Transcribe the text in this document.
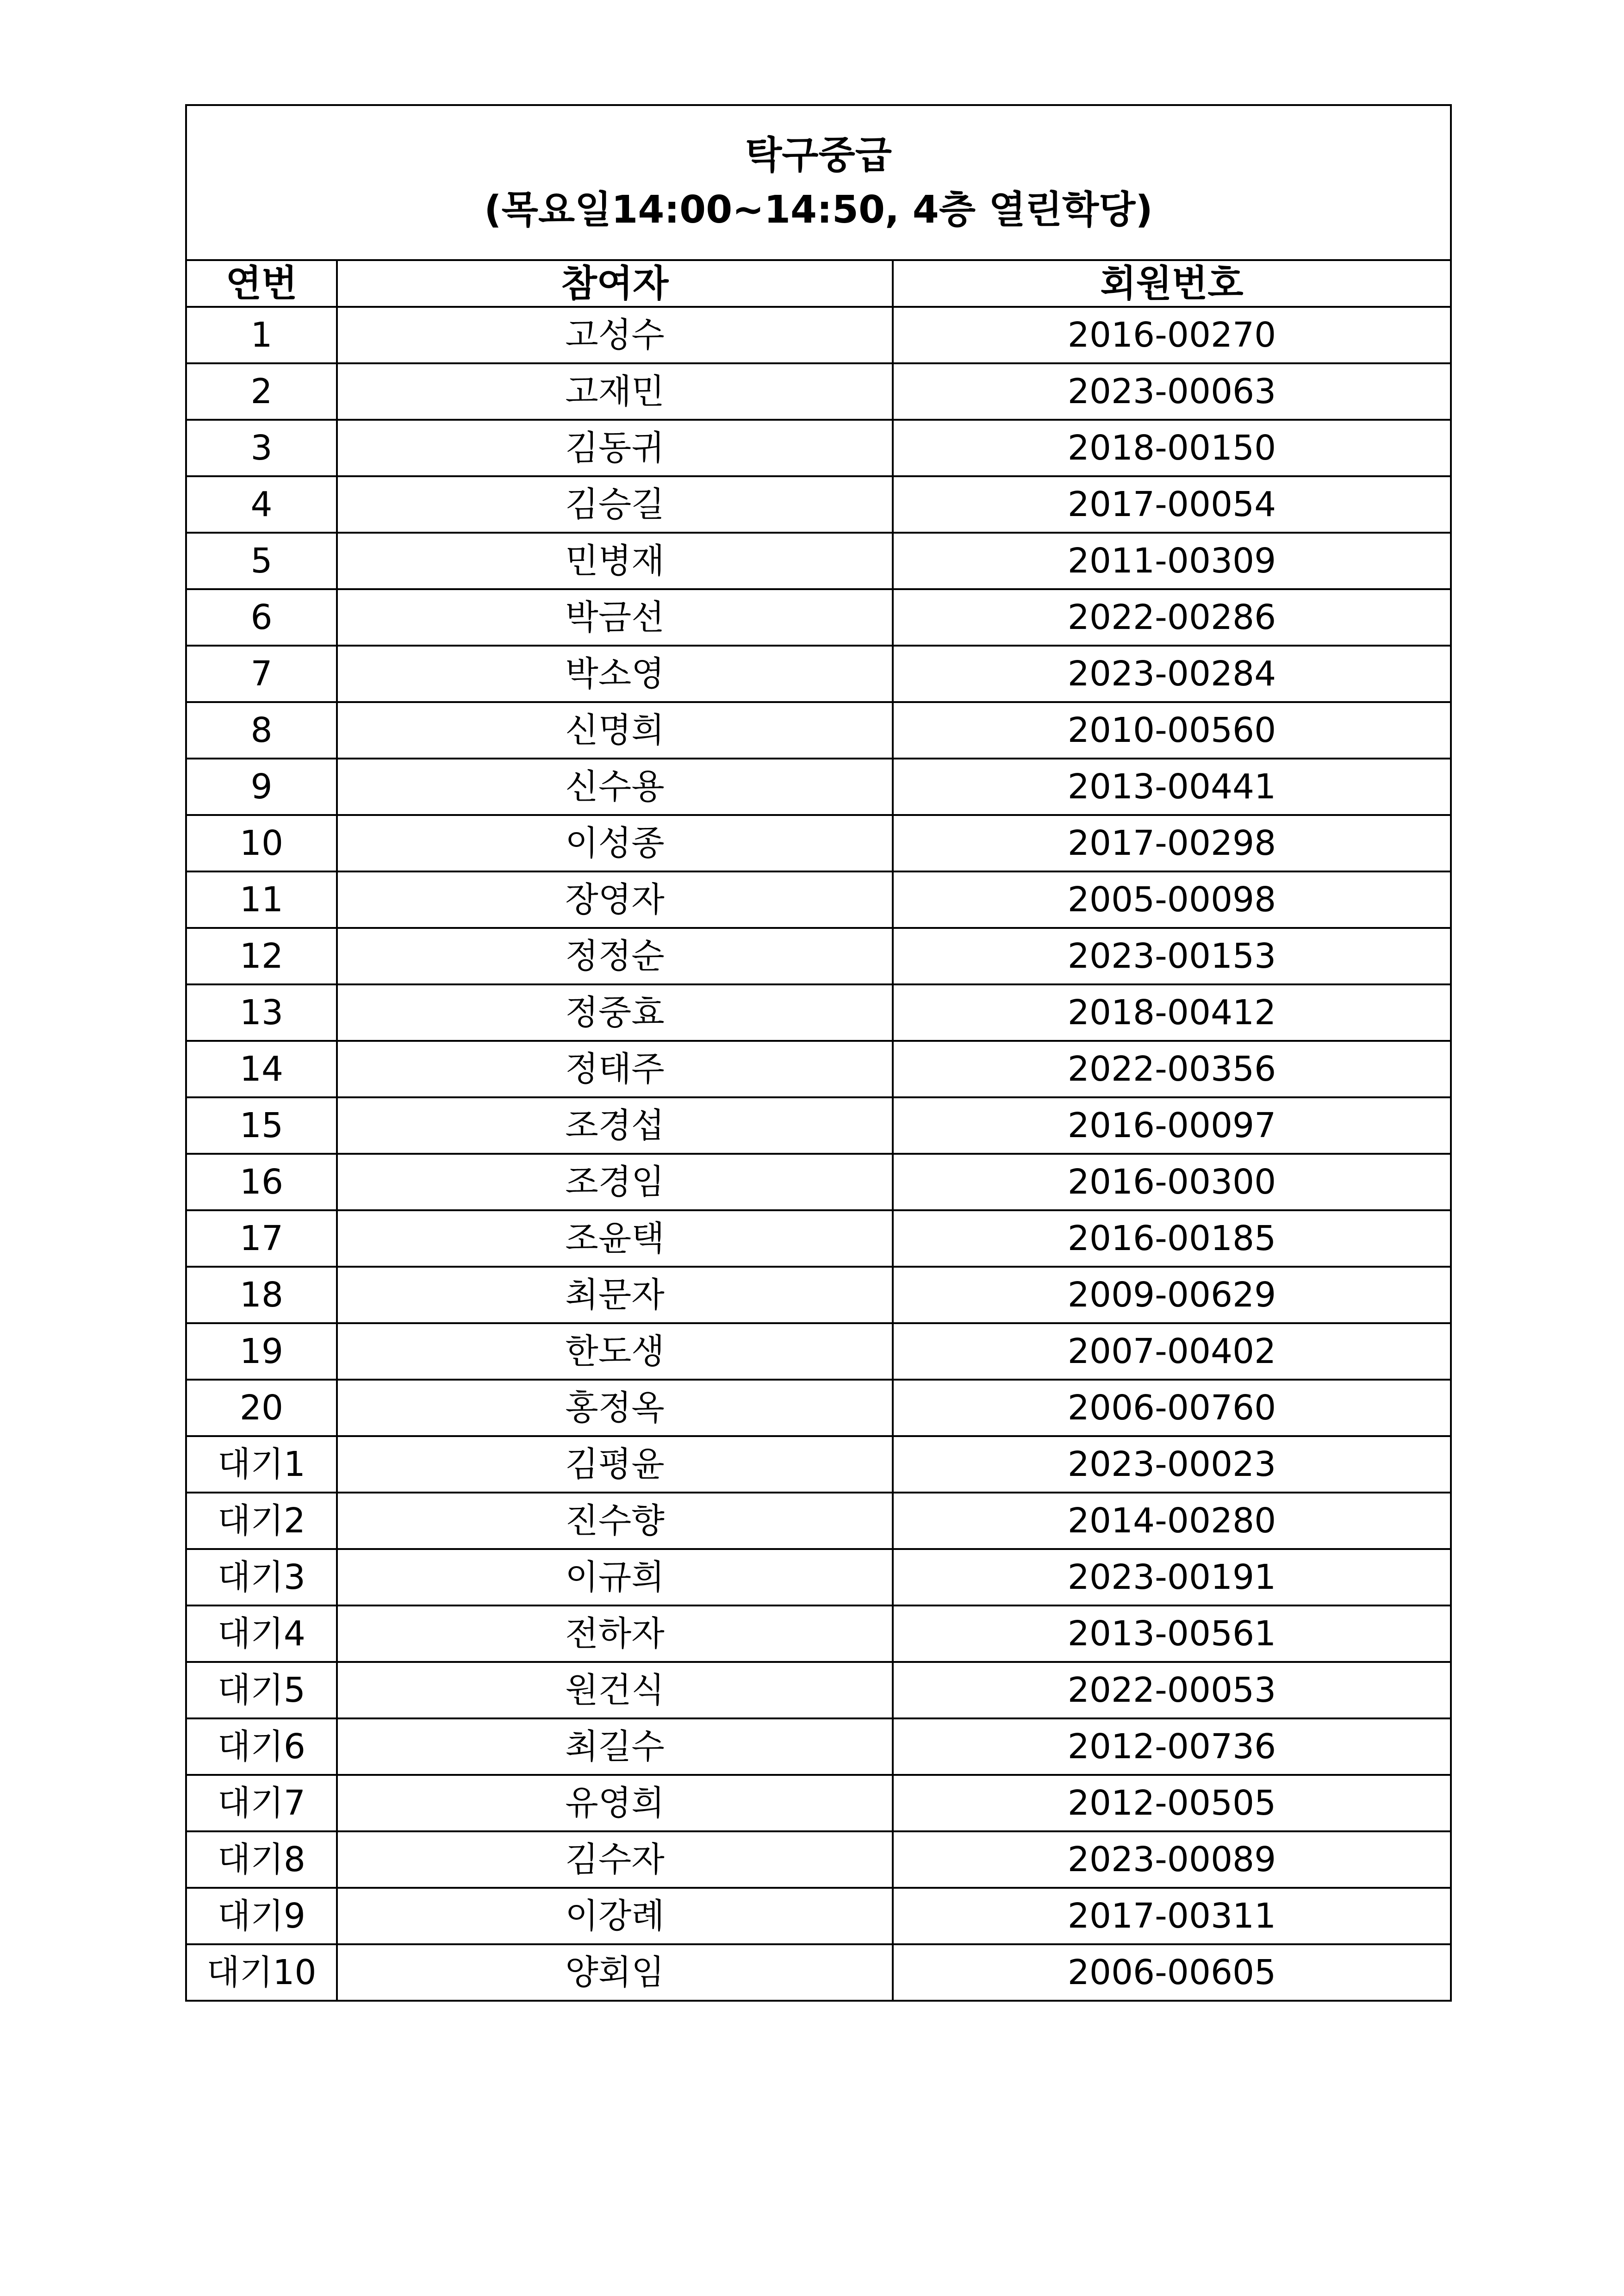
탁구중급
(목요일14:00~14:50, 4층 열린학당)		

연번	참여자	회원번호
1	고성수	2016-00270
2	고재민	2023-00063
3	김동귀	2018-00150
4	김승길	2017-00054
5	민병재	2011-00309
6	박금선	2022-00286
7	박소영	2023-00284
8	신명희	2010-00560
9	신수용	2013-00441
10	이성종	2017-00298
11	장영자	2005-00098
12	정정순	2023-00153
13	정중효	2018-00412
14	정태주	2022-00356
15	조경섭	2016-00097
16	조경임	2016-00300
17	조윤택	2016-00185
18	최문자	2009-00629
19	한도생	2007-00402
20	홍정옥	2006-00760
대기1	김평윤	2023-00023
대기2	진수향	2014-00280
대기3	이규희	2023-00191
대기4	전하자	2013-00561
대기5	원건식	2022-00053
대기6	최길수	2012-00736
대기7	유영희	2012-00505
대기8	김수자	2023-00089
대기9	이강례	2017-00311
대기10	양회임	2006-00605
